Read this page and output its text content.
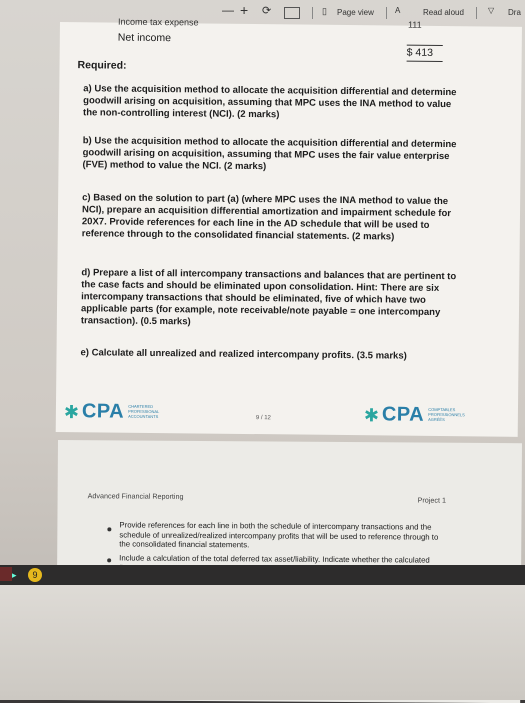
— + ⟳	▯ Page view	A	Read aloud	▽ Dra
Income tax expense	111
Net income
$ 413
Required:
a) Use the acquisition method to allocate the acquisition differential and determine goodwill arising on acquisition, assuming that MPC uses the INA method to value the non-controlling interest (NCI). (2 marks)
b) Use the acquisition method to allocate the acquisition differential and determine goodwill arising on acquisition, assuming that MPC uses the fair value enterprise (FVE) method to value the NCI. (2 marks)
c) Based on the solution to part (a) (where MPC uses the INA method to value the NCI), prepare an acquisition differential amortization and impairment schedule for 20X7. Provide references for each line in the AD schedule that will be used to reference through to the consolidated financial statements. (2 marks)
d) Prepare a list of all intercompany transactions and balances that are pertinent to the case facts and should be eliminated upon consolidation. Hint: There are six intercompany transactions that should be eliminated, five of which have two applicable parts (for example, note receivable/note payable = one intercompany transaction). (0.5 marks)
e) Calculate all unrealized and realized intercompany profits. (3.5 marks)
✱ CPA CHARTERED PROFESSIONAL ACCOUNTANTS	9 / 12	✱ CPA COMPTABLES PROFESSIONNELS AGRÉÉS
Advanced Financial Reporting	Project 1
Provide references for each line in both the schedule of intercompany transactions and the schedule of unrealized/realized intercompany profits that will be used to reference through to the consolidated financial statements.
Include a calculation of the total deferred tax asset/liability. Indicate whether the calculated
▸	9
